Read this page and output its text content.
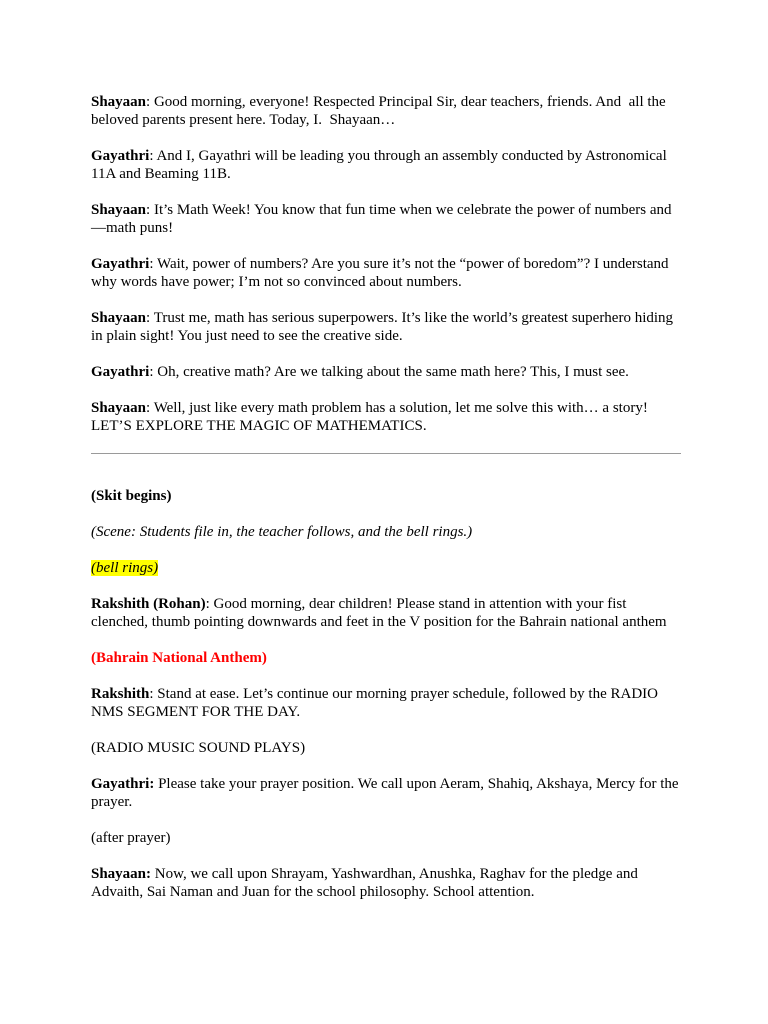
Shayaan: Good morning, everyone! Respected Principal Sir, dear teachers, friends. And  all the beloved parents present here. Today, I.  Shayaan…

Gayathri: And I, Gayathri will be leading you through an assembly conducted by Astronomical 11A and Beaming 11B.

Shayaan: It’s Math Week! You know that fun time when we celebrate the power of numbers and—math puns!

Gayathri: Wait, power of numbers? Are you sure it’s not the “power of boredom”? I understand why words have power; I’m not so convinced about numbers.

Shayaan: Trust me, math has serious superpowers. It’s like the world’s greatest superhero hiding in plain sight! You just need to see the creative side.

Gayathri: Oh, creative math? Are we talking about the same math here? This, I must see.

Shayaan: Well, just like every math problem has a solution, let me solve this with… a story! LET’S EXPLORE THE MAGIC OF MATHEMATICS.

(Skit begins)

(Scene: Students file in, the teacher follows, and the bell rings.)

(bell rings)

Rakshith (Rohan): Good morning, dear children! Please stand in attention with your fist clenched, thumb pointing downwards and feet in the V position for the Bahrain national anthem

(Bahrain National Anthem)

Rakshith: Stand at ease. Let’s continue our morning prayer schedule, followed by the RADIO NMS SEGMENT FOR THE DAY.

(RADIO MUSIC SOUND PLAYS)

Gayathri: Please take your prayer position. We call upon Aeram, Shahiq, Akshaya, Mercy for the prayer.

(after prayer)

Shayaan: Now, we call upon Shrayam, Yashwardhan, Anushka, Raghav for the pledge and Advaith, Sai Naman and Juan for the school philosophy. School attention.
